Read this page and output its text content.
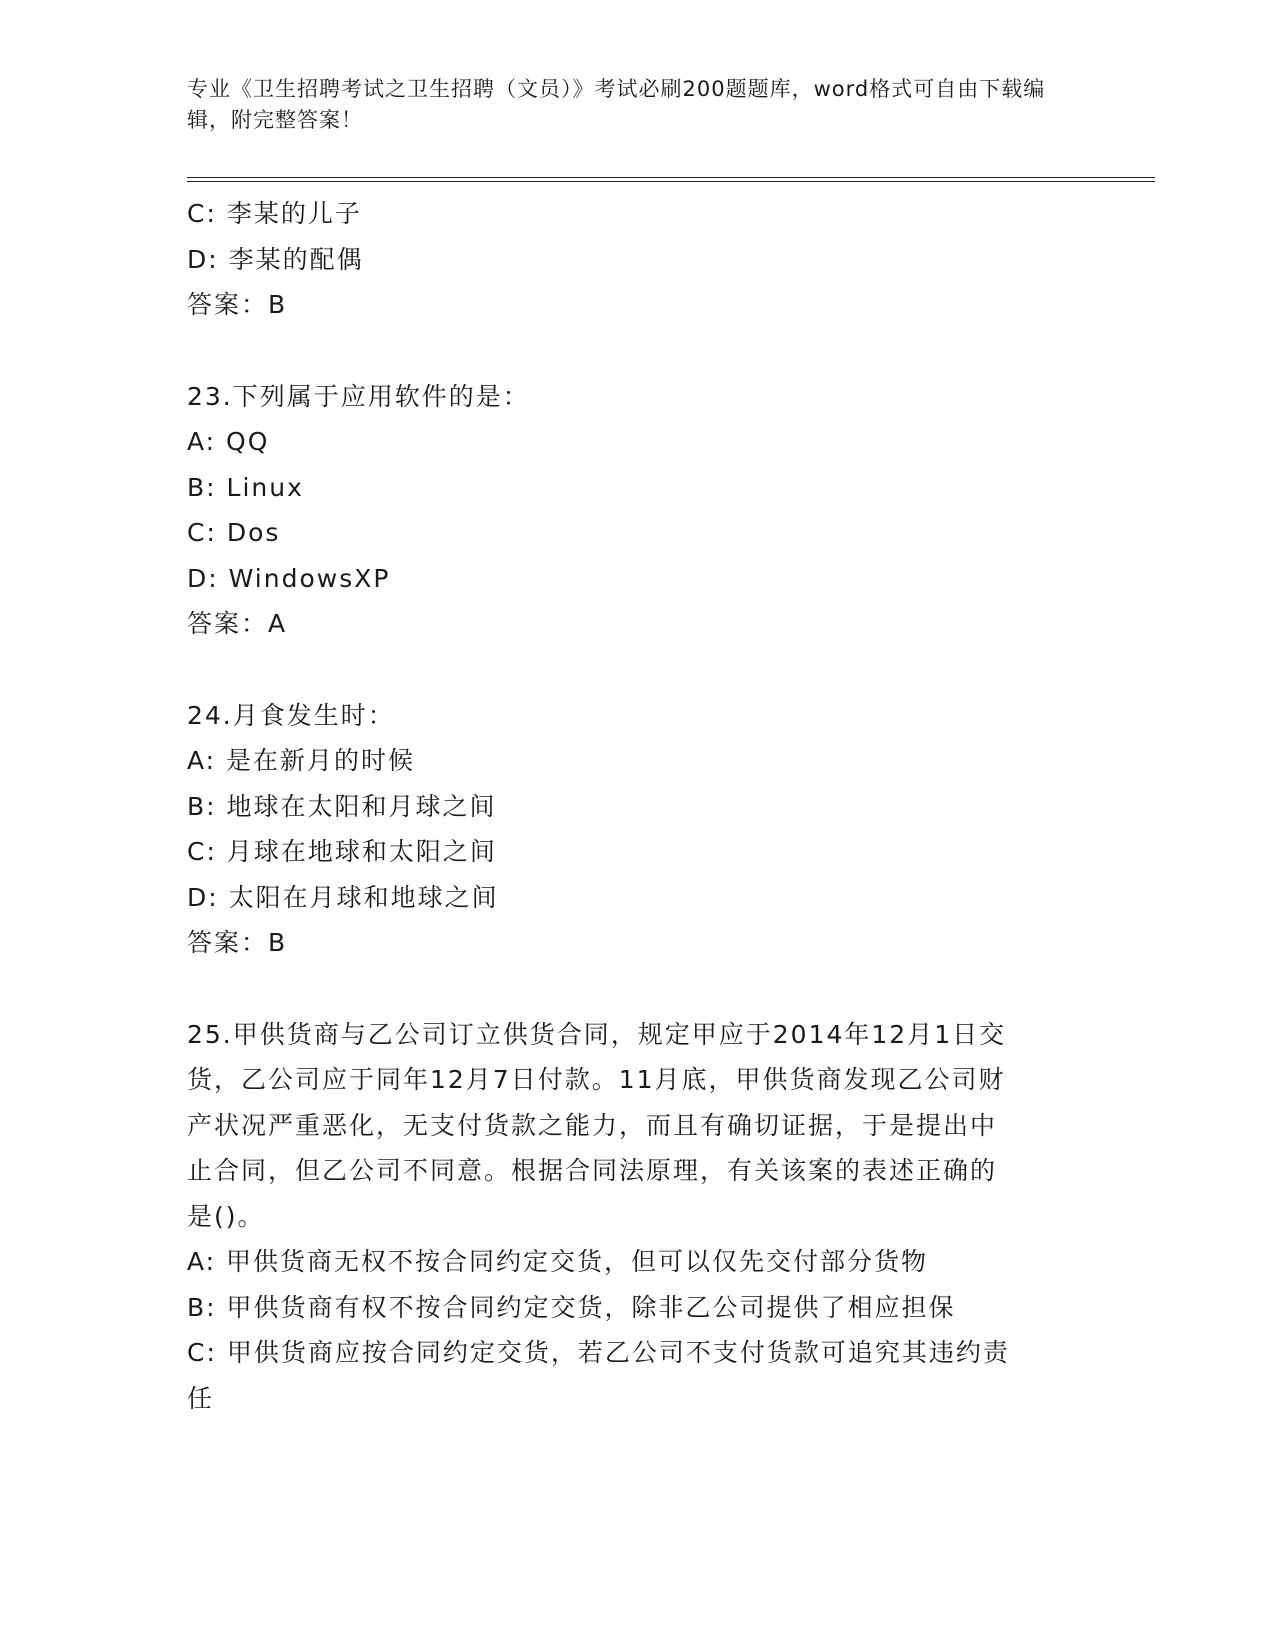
专业《卫生招聘考试之卫生招聘（文员）》考试必刷200题题库，word格式可自由下载编辑，附完整答案！
C: 李某的儿子
D: 李某的配偶
答案：B
23.下列属于应用软件的是：
A: QQ
B: Linux
C: Dos
D: WindowsXP
答案：A
24.月食发生时：
A: 是在新月的时候
B: 地球在太阳和月球之间
C: 月球在地球和太阳之间
D: 太阳在月球和地球之间
答案：B
25.甲供货商与乙公司订立供货合同，规定甲应于2014年12月1日交
货，乙公司应于同年12月7日付款。11月底，甲供货商发现乙公司财
产状况严重恶化，无支付货款之能力，而且有确切证据，于是提出中
止合同，但乙公司不同意。根据合同法原理，有关该案的表述正确的
是()。
A: 甲供货商无权不按合同约定交货，但可以仅先交付部分货物
B: 甲供货商有权不按合同约定交货，除非乙公司提供了相应担保
C: 甲供货商应按合同约定交货，若乙公司不支付货款可追究其违约责
任
